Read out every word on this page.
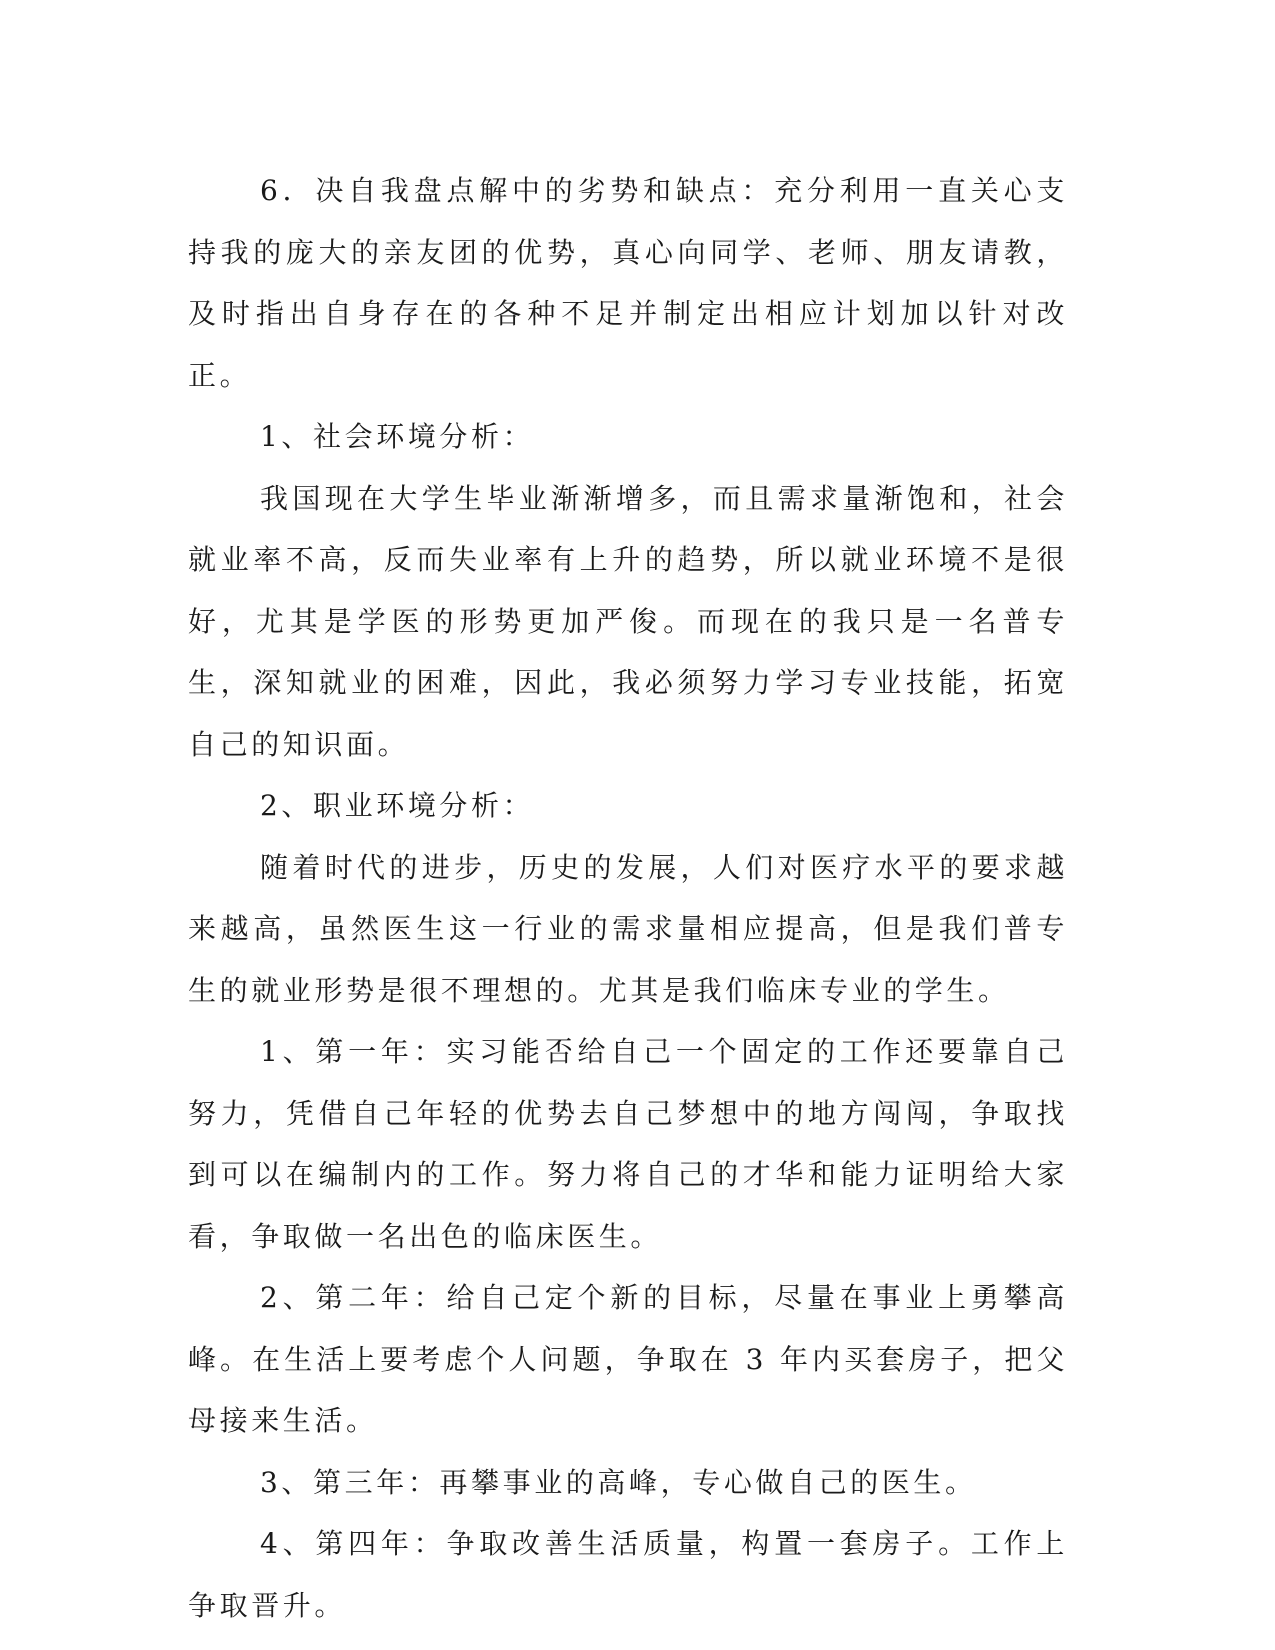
6．决自我盘点解中的劣势和缺点：充分利用一直关心支持我的庞大的亲友团的优势，真心向同学、老师、朋友请教，及时指出自身存在的各种不足并制定出相应计划加以针对改正。

1、社会环境分析：

我国现在大学生毕业渐渐增多，而且需求量渐饱和，社会就业率不高，反而失业率有上升的趋势，所以就业环境不是很好，尤其是学医的形势更加严俊。而现在的我只是一名普专生，深知就业的困难，因此，我必须努力学习专业技能，拓宽自己的知识面。

2、职业环境分析：

随着时代的进步，历史的发展，人们对医疗水平的要求越来越高，虽然医生这一行业的需求量相应提高，但是我们普专生的就业形势是很不理想的。尤其是我们临床专业的学生。

1、第一年：实习能否给自己一个固定的工作还要靠自己努力，凭借自己年轻的优势去自己梦想中的地方闯闯，争取找到可以在编制内的工作。努力将自己的才华和能力证明给大家看，争取做一名出色的临床医生。

2、第二年：给自己定个新的目标，尽量在事业上勇攀高峰。在生活上要考虑个人问题，争取在 3 年内买套房子，把父母接来生活。

3、第三年：再攀事业的高峰，专心做自己的医生。

4、第四年：争取改善生活质量，构置一套房子。工作上争取晋升。
